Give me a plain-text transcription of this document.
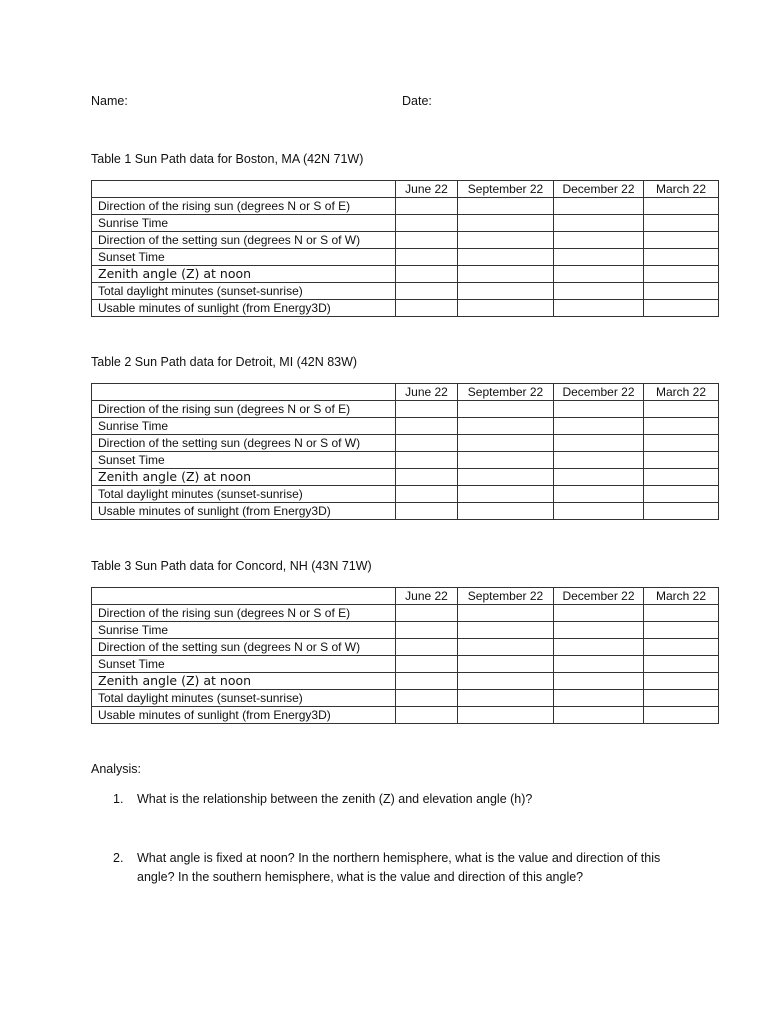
Name:	Date:
Table 1 Sun Path data for Boston, MA (42N 71W)
	June 22	September 22	December 22	March 22
Direction of the rising sun (degrees N or S of E)				
Sunrise Time				
Direction of the setting sun (degrees N or S of W)				
Sunset Time				
Zenith angle (Z) at noon				
Total daylight minutes (sunset-sunrise)				
Usable minutes of sunlight (from Energy3D)				
Table 2 Sun Path data for Detroit, MI (42N 83W)
	June 22	September 22	December 22	March 22
Direction of the rising sun (degrees N or S of E)				
Sunrise Time				
Direction of the setting sun (degrees N or S of W)				
Sunset Time				
Zenith angle (Z) at noon				
Total daylight minutes (sunset-sunrise)				
Usable minutes of sunlight (from Energy3D)				
Table 3 Sun Path data for Concord, NH (43N 71W)
	June 22	September 22	December 22	March 22
Direction of the rising sun (degrees N or S of E)				
Sunrise Time				
Direction of the setting sun (degrees N or S of W)				
Sunset Time				
Zenith angle (Z) at noon				
Total daylight minutes (sunset-sunrise)				
Usable minutes of sunlight (from Energy3D)				
Analysis:
1.	What is the relationship between the zenith (Z) and elevation angle (h)?
2.	What angle is fixed at noon? In the northern hemisphere, what is the value and direction of this
angle? In the southern hemisphere, what is the value and direction of this angle?
